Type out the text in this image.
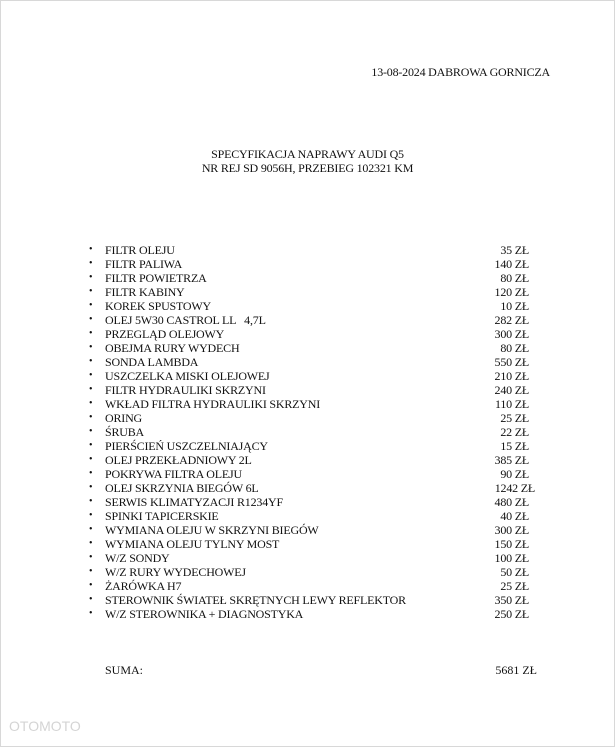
13-08-2024 DABROWA GORNICZA
SPECYFIKACJA NAPRAWY AUDI Q5
NR REJ SD 9056H, PRZEBIEG 102321 KM
• FILTR OLEJU	35 ZŁ
• FILTR PALIWA	140 ZŁ
• FILTR POWIETRZA	80 ZŁ
• FILTR KABINY	120 ZŁ
• KOREK SPUSTOWY	10 ZŁ
• OLEJ 5W30 CASTROL LL   4,7L	282 ZŁ
• PRZEGLĄD OLEJOWY	300 ZŁ
• OBEJMA RURY WYDECH	80 ZŁ
• SONDA LAMBDA	550 ZŁ
• USZCZELKA MISKI OLEJOWEJ	210 ZŁ
• FILTR HYDRAULIKI SKRZYNI	240 ZŁ
• WKŁAD FILTRA HYDRAULIKI SKRZYNI	110 ZŁ
• ORING	25 ZŁ
• ŚRUBA	22 ZŁ
• PIERŚCIEŃ USZCZELNIAJĄCY	15 ZŁ
• OLEJ PRZEKŁADNIOWY 2L	385 ZŁ
• POKRYWA FILTRA OLEJU	90 ZŁ
• OLEJ SKRZYNIA BIEGÓW 6L	1242 ZŁ
• SERWIS KLIMATYZACJI R1234YF	480 ZŁ
• SPINKI TAPICERSKIE	40 ZŁ
• WYMIANA OLEJU W SKRZYNI BIEGÓW	300 ZŁ
• WYMIANA OLEJU TYLNY MOST	150 ZŁ
• W/Z SONDY	100 ZŁ
• W/Z RURY WYDECHOWEJ	50 ZŁ
• ŻARÓWKA H7	25 ZŁ
• STEROWNIK ŚWIATEŁ SKRĘTNYCH LEWY REFLEKTOR	350 ZŁ
• W/Z STEROWNIKA + DIAGNOSTYKA	250 ZŁ
SUMA:	5681 ZŁ
OTOMOTO
